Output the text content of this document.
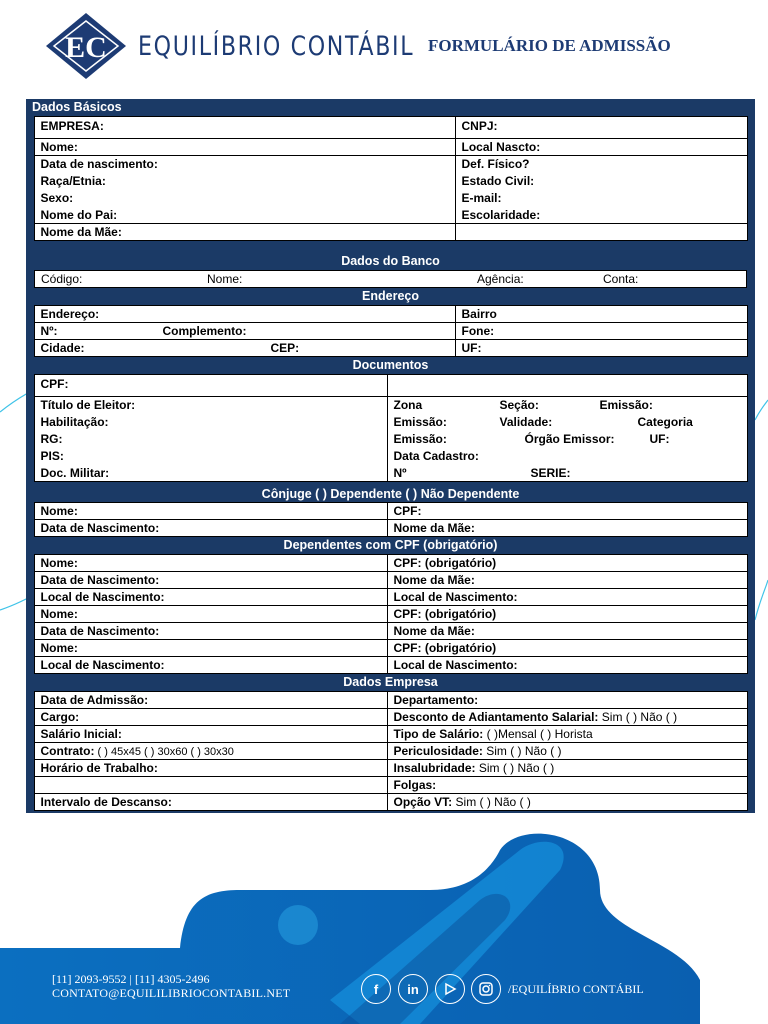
EC EQUILÍBRIO CONTÁBIL FORMULÁRIO DE ADMISSÃO
Dados Básicos
EMPRESA:	CNPJ:
Nome:	Local Nascto:
Data de nascimento:	Def. Físico?
Raça/Etnia:	Estado Civil:
Sexo:	E-mail:
Nome do Pai:	Escolaridade:
Nome da Mãe:	
Dados do Banco
Código:	Nome:	Agência:	Conta:
Endereço
Endereço:	Bairro
Nº: Complemento:	Fone:
Cidade: CEP:	UF:
Documentos
CPF:	
Título de Eleitor:	Zona Seção: Emissão:
Habilitação:	Emissão: Validade: Categoria
RG:	Emissão: Órgão Emissor: UF:
PIS:	Data Cadastro:
Doc. Militar:	Nº SERIE:
Cônjuge ( ) Dependente ( ) Não Dependente
Nome:	CPF:
Data de Nascimento:	Nome da Mãe:
Dependentes com CPF (obrigatório)
Nome:	CPF: (obrigatório)
Data de Nascimento:	Nome da Mãe:
Local de Nascimento:	Local de Nascimento:
Nome:	CPF: (obrigatório)
Data de Nascimento:	Nome da Mãe:
Nome:	CPF: (obrigatório)
Local de Nascimento:	Local de Nascimento:
Dados Empresa
Data de Admissão:	Departamento:
Cargo:	Desconto de Adiantamento Salarial: Sim ( ) Não ( )
Salário Inicial:	Tipo de Salário: ( )Mensal ( ) Horista
Contrato: ( ) 45x45 ( ) 30x60 ( ) 30x30	Periculosidade: Sim ( ) Não ( )
Horário de Trabalho:	Insalubridade: Sim ( ) Não ( )
	Folgas:
Intervalo de Descanso:	Opção VT: Sim ( ) Não ( )
[11] 2093-9552 | [11] 4305-2496
CONTATO@EQUILILIBRIOCONTABIL.NET	f in	/EQUILÍBRIO CONTÁBIL
